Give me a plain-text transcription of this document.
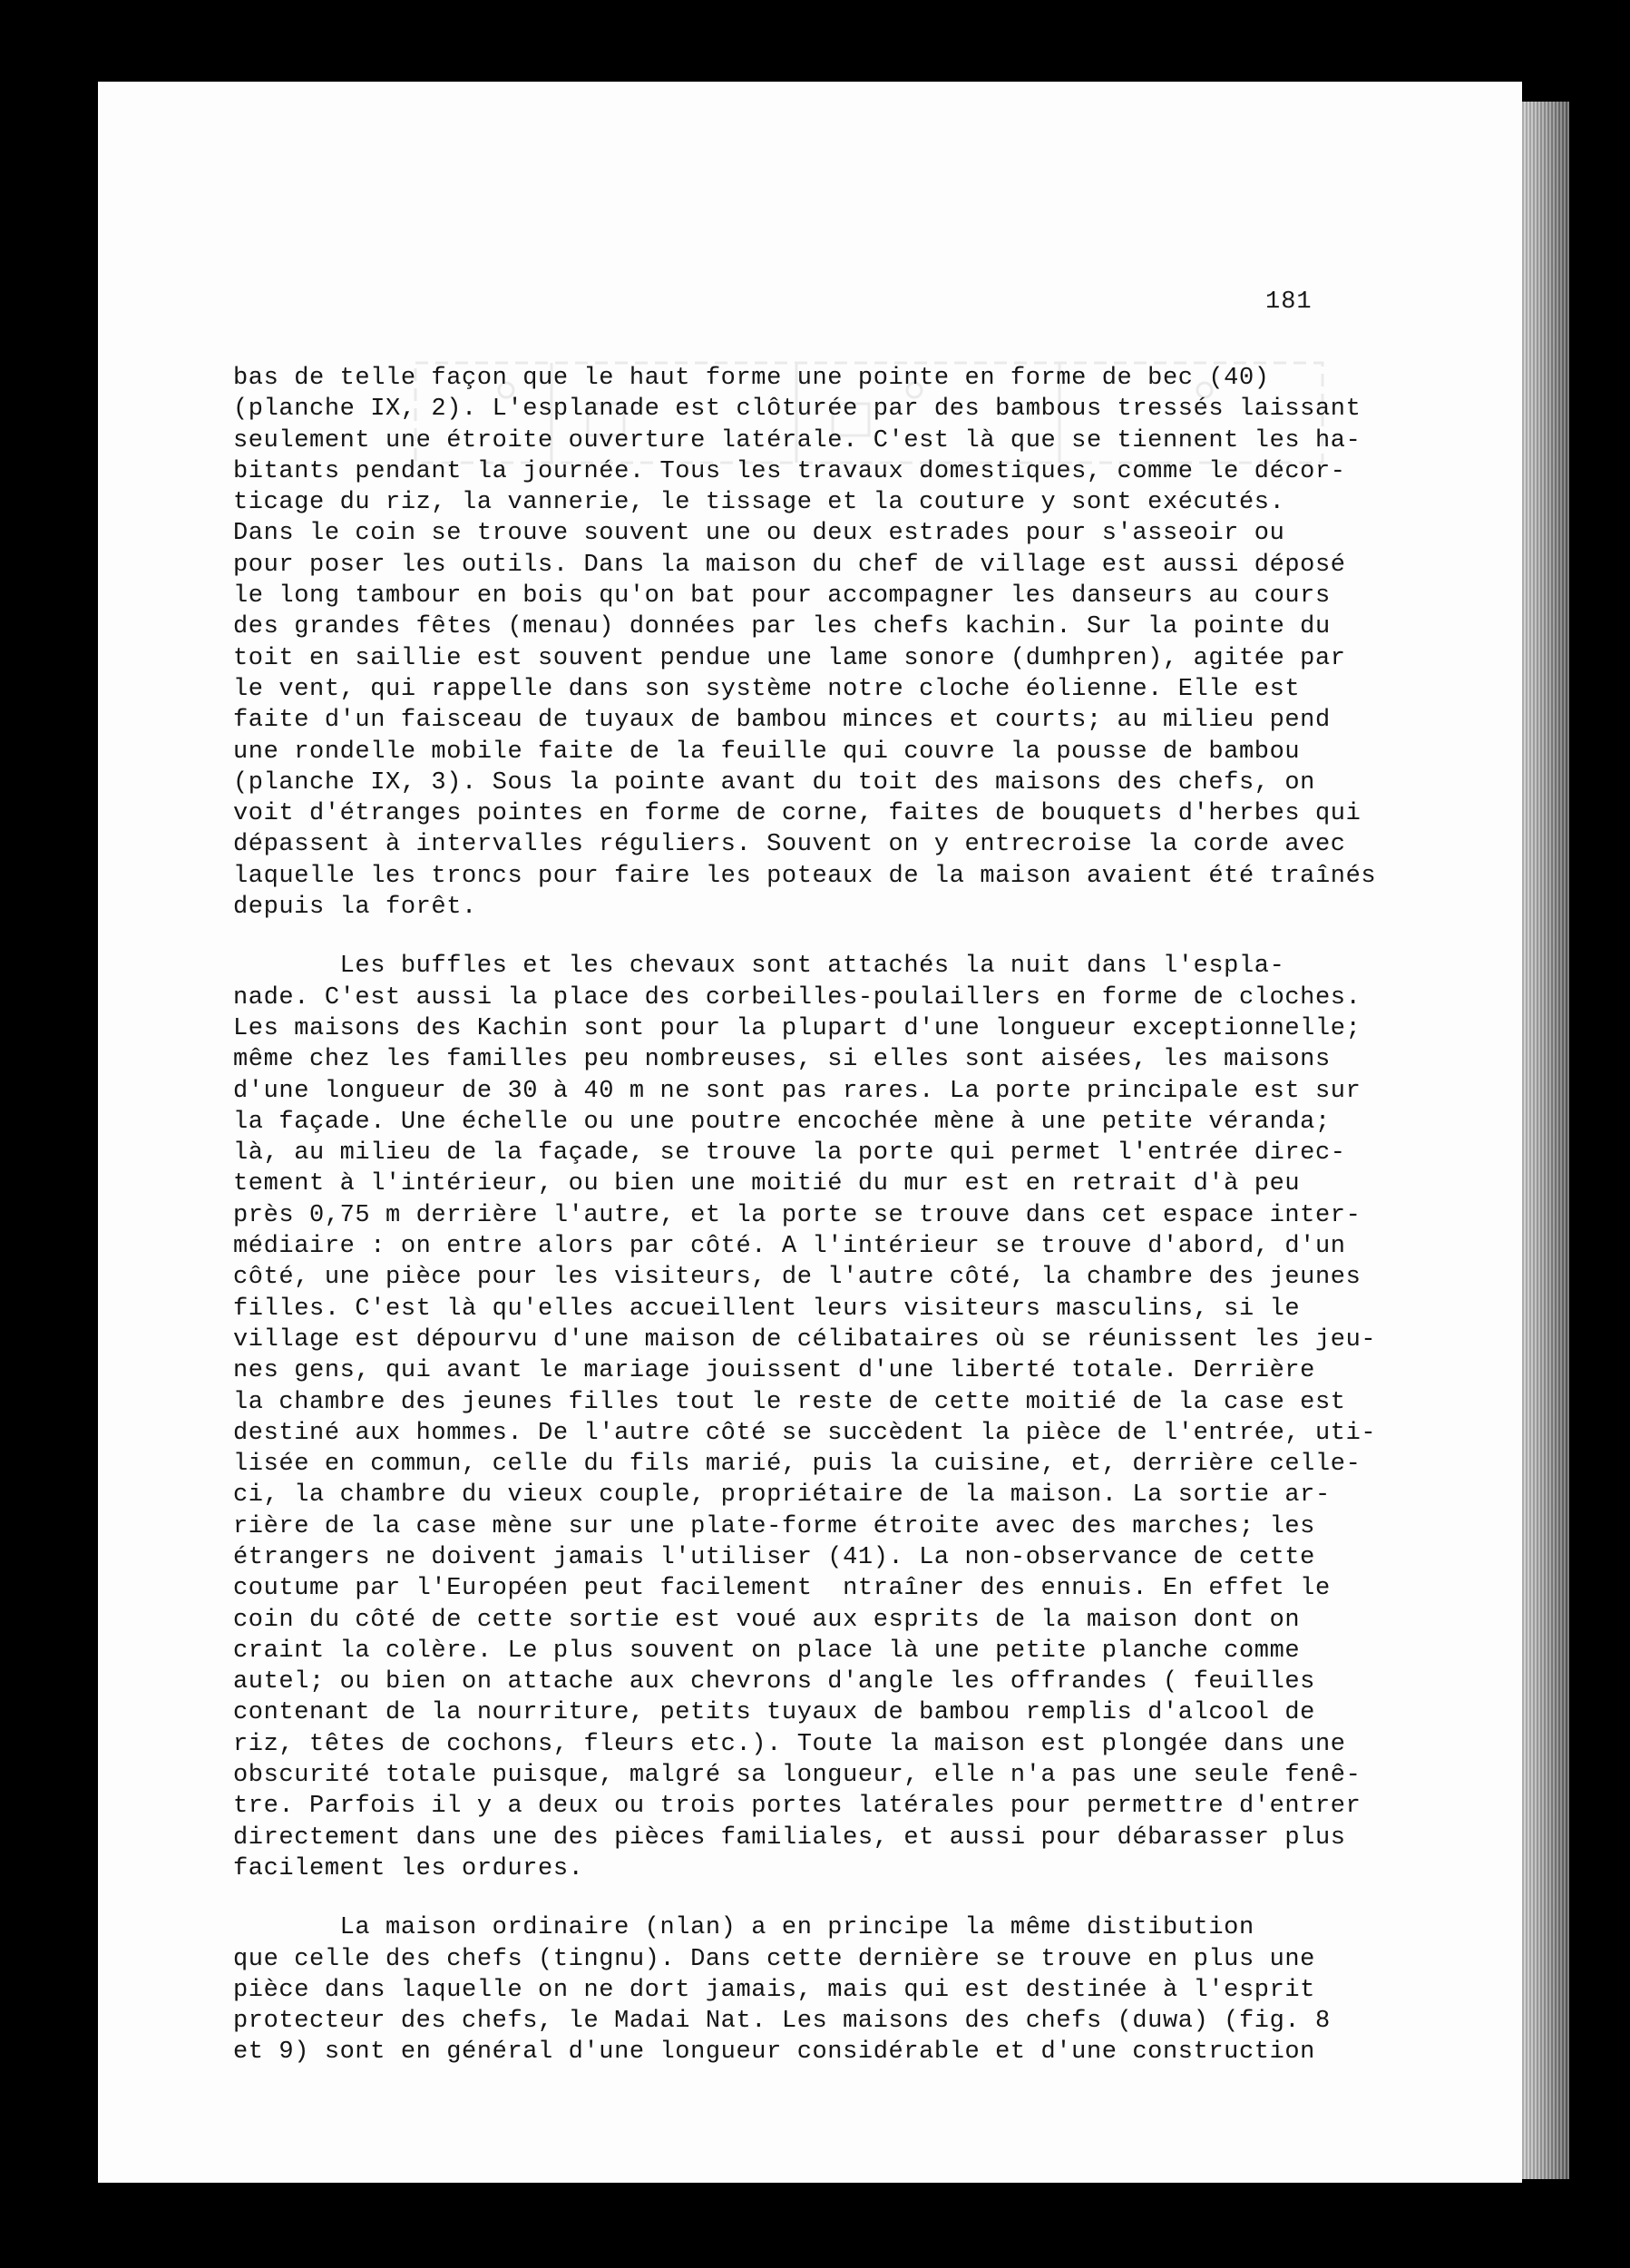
181
bas de telle façon que le haut forme une pointe en forme de bec (40)
(planche IX, 2). L'esplanade est clôturée par des bambous tressés laissant
seulement une étroite ouverture latérale. C'est là que se tiennent les ha-
bitants pendant la journée. Tous les travaux domestiques, comme le décor-
ticage du riz, la vannerie, le tissage et la couture y sont exécutés.
Dans le coin se trouve souvent une ou deux estrades pour s'asseoir ou
pour poser les outils. Dans la maison du chef de village est aussi déposé
le long tambour en bois qu'on bat pour accompagner les danseurs au cours
des grandes fêtes (menau) données par les chefs kachin. Sur la pointe du
toit en saillie est souvent pendue une lame sonore (dumhpren), agitée par
le vent, qui rappelle dans son système notre cloche éolienne. Elle est
faite d'un faisceau de tuyaux de bambou minces et courts; au milieu pend
une rondelle mobile faite de la feuille qui couvre la pousse de bambou
(planche IX, 3). Sous la pointe avant du toit des maisons des chefs, on
voit d'étranges pointes en forme de corne, faites de bouquets d'herbes qui
dépassent à intervalles réguliers. Souvent on y entrecroise la corde avec
laquelle les troncs pour faire les poteaux de la maison avaient été traînés
depuis la forêt.
Les buffles et les chevaux sont attachés la nuit dans l'espla-
nade. C'est aussi la place des corbeilles-poulaillers en forme de cloches.
Les maisons des Kachin sont pour la plupart d'une longueur exceptionnelle;
même chez les familles peu nombreuses, si elles sont aisées, les maisons
d'une longueur de 30 à 40 m ne sont pas rares. La porte principale est sur
la façade. Une échelle ou une poutre encochée mène à une petite véranda;
là, au milieu de la façade, se trouve la porte qui permet l'entrée direc-
tement à l'intérieur, ou bien une moitié du mur est en retrait d'à peu
près 0,75 m derrière l'autre, et la porte se trouve dans cet espace inter-
médiaire : on entre alors par côté. A l'intérieur se trouve d'abord, d'un
côté, une pièce pour les visiteurs, de l'autre côté, la chambre des jeunes
filles. C'est là qu'elles accueillent leurs visiteurs masculins, si le
village est dépourvu d'une maison de célibataires où se réunissent les jeu-
nes gens, qui avant le mariage jouissent d'une liberté totale. Derrière
la chambre des jeunes filles tout le reste de cette moitié de la case est
destiné aux hommes. De l'autre côté se succèdent la pièce de l'entrée, uti-
lisée en commun, celle du fils marié, puis la cuisine, et, derrière celle-
ci, la chambre du vieux couple, propriétaire de la maison. La sortie ar-
rière de la case mène sur une plate-forme étroite avec des marches; les
étrangers ne doivent jamais l'utiliser (41). La non-observance de cette
coutume par l'Européen peut facilement  ntraîner des ennuis. En effet le
coin du côté de cette sortie est voué aux esprits de la maison dont on
craint la colère. Le plus souvent on place là une petite planche comme
autel; ou bien on attache aux chevrons d'angle les offrandes ( feuilles
contenant de la nourriture, petits tuyaux de bambou remplis d'alcool de
riz, têtes de cochons, fleurs etc.). Toute la maison est plongée dans une
obscurité totale puisque, malgré sa longueur, elle n'a pas une seule fenê-
tre. Parfois il y a deux ou trois portes latérales pour permettre d'entrer
directement dans une des pièces familiales, et aussi pour débarasser plus
facilement les ordures.
La maison ordinaire (nlan) a en principe la même distibution
que celle des chefs (tingnu). Dans cette dernière se trouve en plus une
pièce dans laquelle on ne dort jamais, mais qui est destinée à l'esprit
protecteur des chefs, le Madai Nat. Les maisons des chefs (duwa) (fig. 8
et 9) sont en général d'une longueur considérable et d'une construction
